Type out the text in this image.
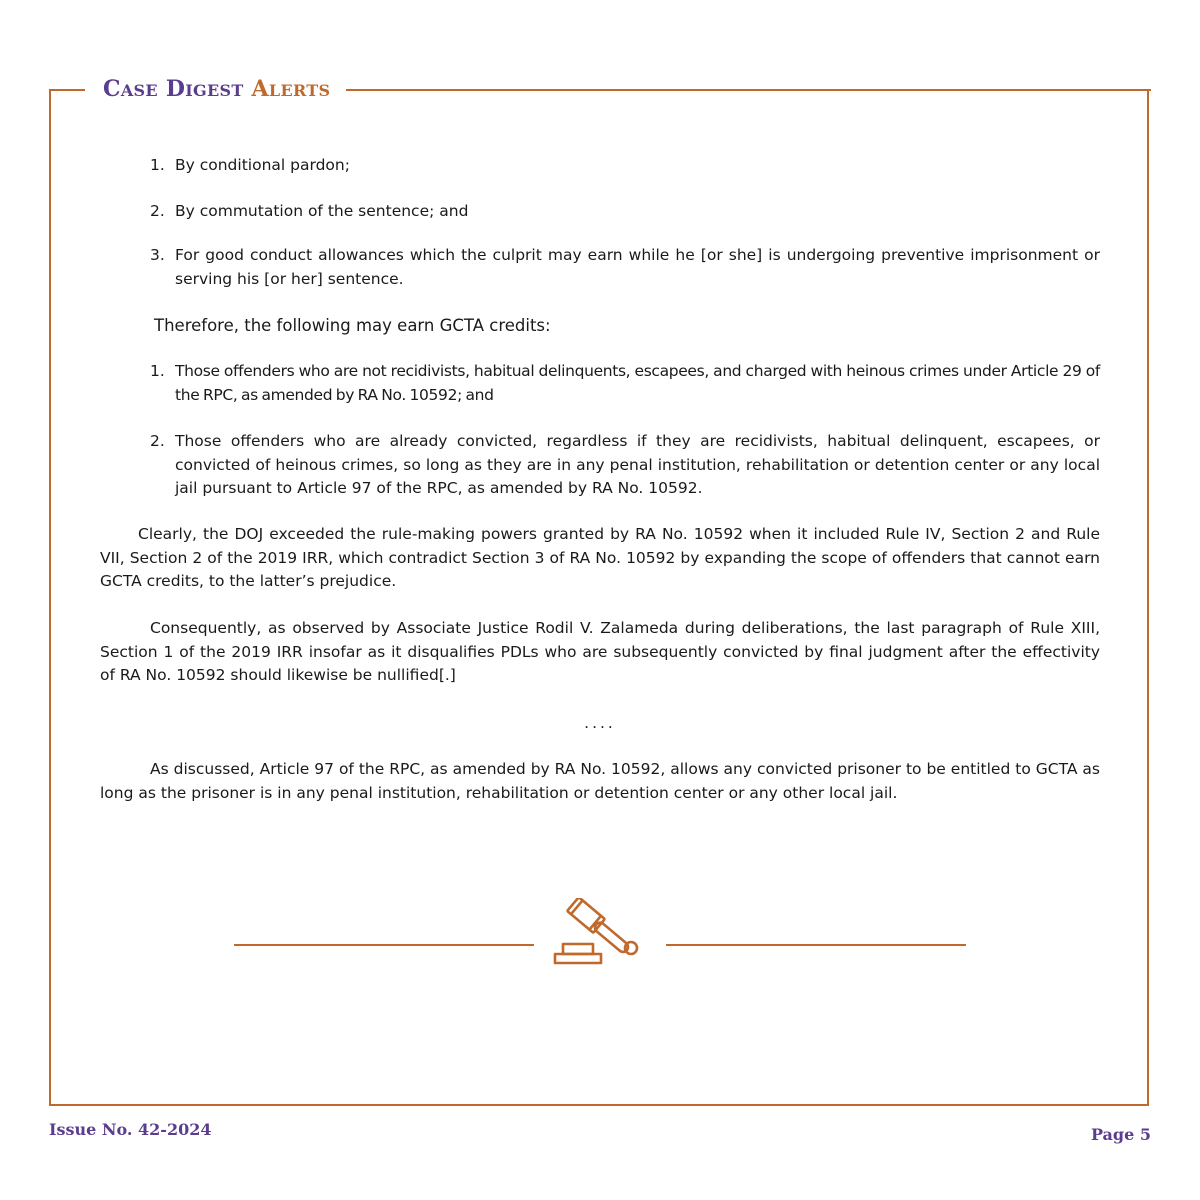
CASE DIGEST ALERTS
1. By conditional pardon;
2. By commutation of the sentence; and
3. For good conduct allowances which the culprit may earn while he [or she] is undergoing preventive imprisonment or serving his [or her] sentence.
Therefore, the following may earn GCTA credits:
1. Those offenders who are not recidivists, habitual delinquents, escapees, and charged with heinous crimes under Article 29 of the RPC, as amended by RA No. 10592; and
2. Those offenders who are already convicted, regardless if they are recidivists, habitual delinquent, escapees, or convicted of heinous crimes, so long as they are in any penal institution, rehabilitation or detention center or any local jail pursuant to Article 97 of the RPC, as amended by RA No. 10592.
Clearly, the DOJ exceeded the rule-making powers granted by RA No. 10592 when it included Rule IV, Section 2 and Rule VII, Section 2 of the 2019 IRR, which contradict Section 3 of RA No. 10592 by expanding the scope of offenders that cannot earn GCTA credits, to the latter’s prejudice.
Consequently, as observed by Associate Justice Rodil V. Zalameda during deliberations, the last paragraph of Rule XIII, Section 1 of the 2019 IRR insofar as it disqualifies PDLs who are subsequently convicted by final judgment after the effectivity of RA No. 10592 should likewise be nullified[.]
....
As discussed, Article 97 of the RPC, as amended by RA No. 10592, allows any convicted prisoner to be entitled to GCTA as long as the prisoner is in any penal institution, rehabilitation or detention center or any other local jail.
Issue No. 42-2024	Page 5
